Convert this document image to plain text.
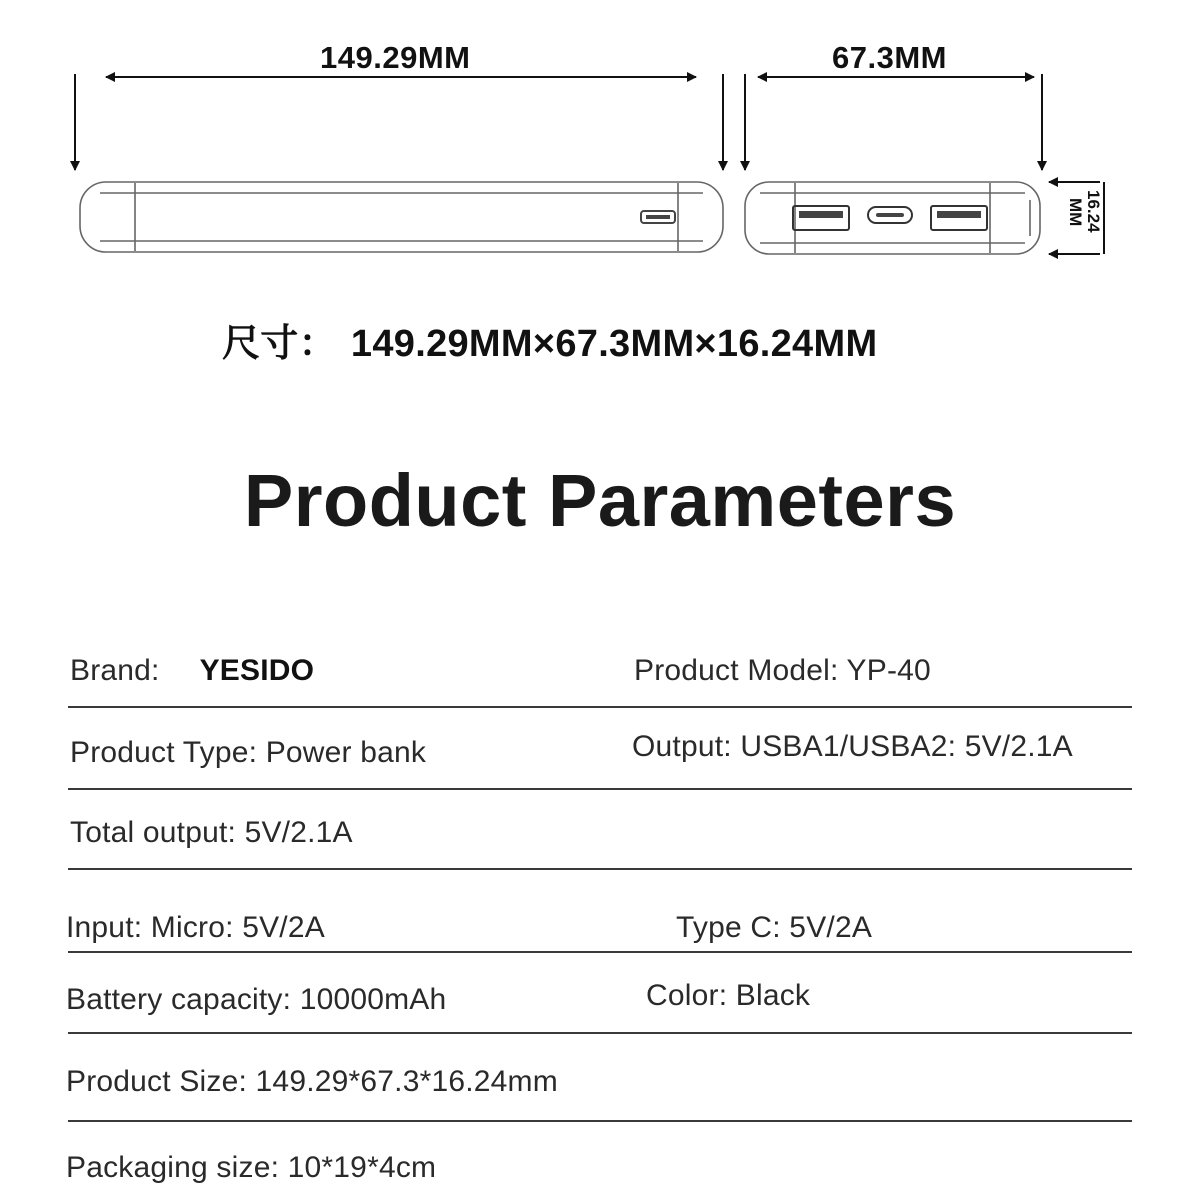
149.29MM	67.3MM
16.24
MM
尺寸： 149.29MM×67.3MM×16.24MM
Product Parameters
Brand: YESIDO	Product Model: YP-40
Product Type: Power bank	Output: USBA1/USBA2: 5V/2.1A
Total output: 5V/2.1A
Input: Micro: 5V/2A	Type C: 5V/2A
Battery capacity: 10000mAh	Color: Black
Product Size: 149.29*67.3*16.24mm
Packaging size: 10*19*4cm
